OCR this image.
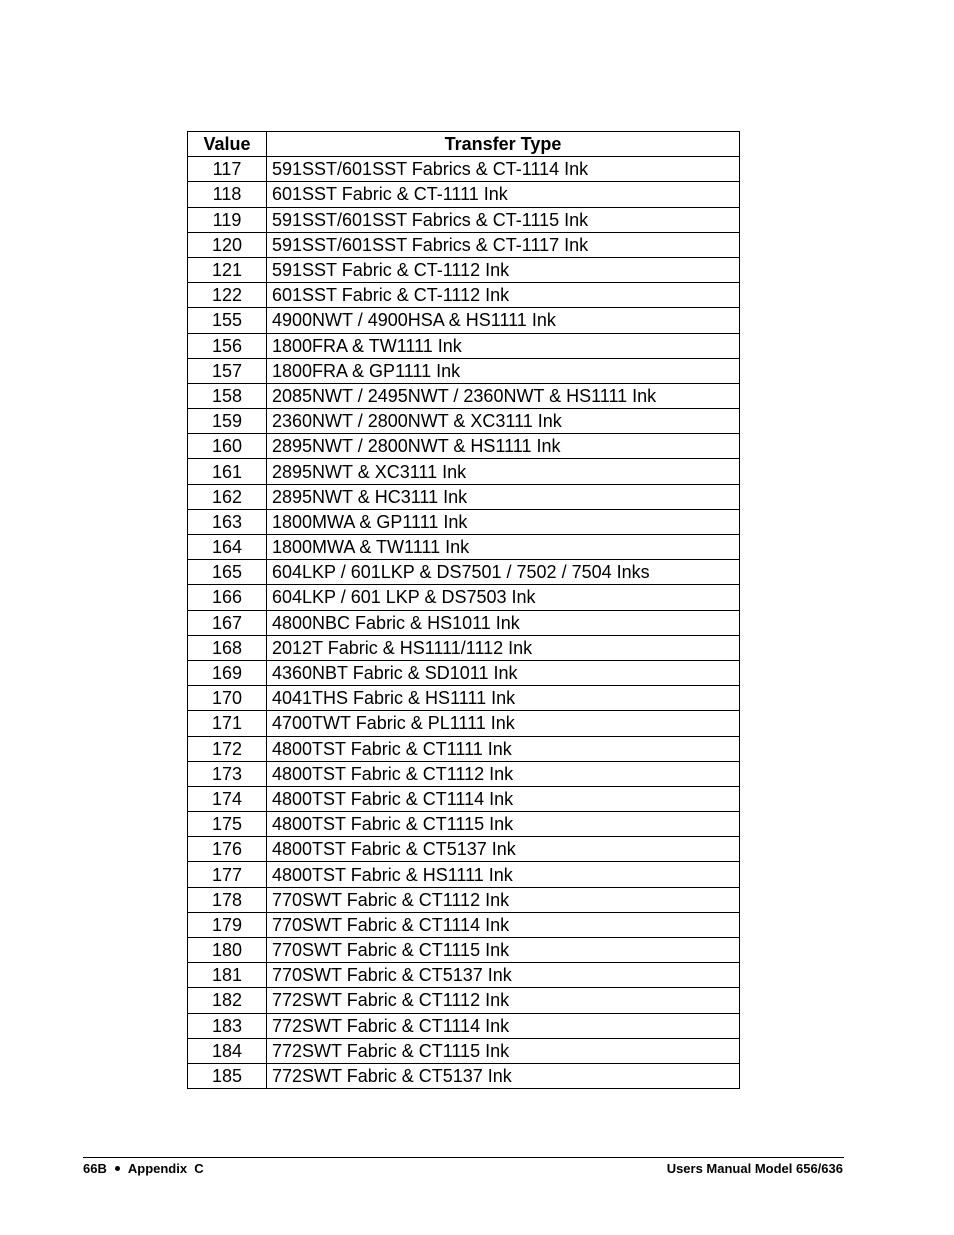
Value	Transfer Type
117	591SST/601SST Fabrics & CT-1114 Ink
118	601SST Fabric & CT-1111 Ink
119	591SST/601SST Fabrics & CT-1115 Ink
120	591SST/601SST Fabrics & CT-1117 Ink
121	591SST Fabric & CT-1112 Ink
122	601SST Fabric & CT-1112 Ink
155	4900NWT / 4900HSA & HS1111 Ink
156	1800FRA & TW1111 Ink
157	1800FRA & GP1111 Ink
158	2085NWT / 2495NWT / 2360NWT & HS1111 Ink
159	2360NWT / 2800NWT & XC3111 Ink
160	2895NWT / 2800NWT & HS1111 Ink
161	2895NWT & XC3111 Ink
162	2895NWT & HC3111 Ink
163	1800MWA & GP1111 Ink
164	1800MWA & TW1111 Ink
165	604LKP / 601LKP & DS7501 / 7502 / 7504 Inks
166	604LKP / 601 LKP & DS7503 Ink
167	4800NBC Fabric & HS1011 Ink
168	2012T Fabric & HS1111/1112 Ink
169	4360NBT Fabric & SD1011 Ink
170	4041THS Fabric & HS1111 Ink
171	4700TWT Fabric & PL1111 Ink
172	4800TST Fabric & CT1111 Ink
173	4800TST Fabric & CT1112 Ink
174	4800TST Fabric & CT1114 Ink
175	4800TST Fabric & CT1115 Ink
176	4800TST Fabric & CT5137 Ink
177	4800TST Fabric & HS1111 Ink
178	770SWT Fabric & CT1112 Ink
179	770SWT Fabric & CT1114 Ink
180	770SWT Fabric & CT1115 Ink
181	770SWT Fabric & CT5137 Ink
182	772SWT Fabric & CT1112 Ink
183	772SWT Fabric & CT1114 Ink
184	772SWT Fabric & CT1115 Ink
185	772SWT Fabric & CT5137 Ink
66B Appendix  C	Users Manual Model 656/636
